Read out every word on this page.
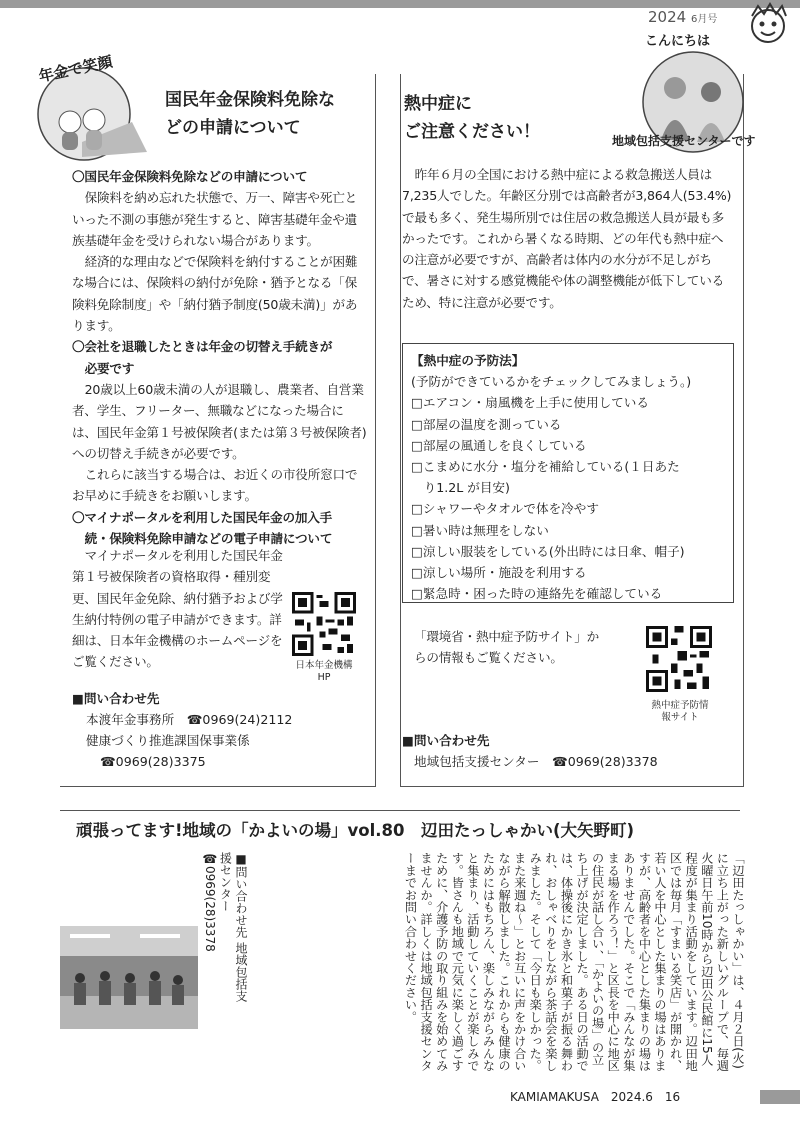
2024 6月号
年金で笑顔
国民年金保険料免除な
どの申請について
〇国民年金保険料免除などの申請について

保険料を納め忘れた状態で、万一、障害や死亡といった不測の事態が発生すると、障害基礎年金や遺族基礎年金を受けられない場合があります。

経済的な理由などで保険料を納付することが困難な場合には、保険料の納付が免除・猶予となる「保険料免除制度」や「納付猶予制度(50歳未満)」があります。

〇会社を退職したときは年金の切替え手続きが
必要です

20歳以上60歳未満の人が退職し、農業者、自営業者、学生、フリーター、無職などになった場合には、国民年金第１号被保険者(または第３号被保険者)への切替え手続きが必要です。

これらに該当する場合は、お近くの市役所窓口でお早めに手続きをお願いします。

〇マイナポータルを利用した国民年金の加入手
続・保険料免除申請などの電子申請について

マイナポータルを利用した国民年金第１号被保険者の資格取得・種別変更、国民年金免除、納付猶予および学生納付特例の電子申請ができます。詳細は、日本年金機構のホームページをご覧ください。	日本年金機構
HP
■問い合わせ先
本渡年金事務所　☎0969(24)2112
健康づくり推進課国保事業係
☎0969(28)3375
こんにちは
地域包括支援センターです
熱中症に
ご注意ください！

昨年６月の全国における熱中症による救急搬送人員は7,235人でした。年齢区分別では高齢者が3,864人(53.4%)で最も多く、発生場所別では住居の救急搬送人員が最も多かったです。これから暑くなる時期、どの年代も熱中症への注意が必要ですが、高齢者は体内の水分が不足しがちで、暑さに対する感覚機能や体の調整機能が低下しているため、特に注意が必要です。

【熱中症の予防法】
(予防ができているかをチェックしてみましょう。)
□エアコン・扇風機を上手に使用している
□部屋の温度を測っている
□部屋の風通しを良くしている
□こまめに水分・塩分を補給している(１日あた
　り1.2L が目安)
□シャワーやタオルで体を冷やす
□暑い時は無理をしない
□涼しい服装をしている(外出時には日傘、帽子)
□涼しい場所・施設を利用する
□緊急時・困った時の連絡先を確認している
「環境省・熱中症予防サイト」か
らの情報もご覧ください。
熱中症予防情
報サイト
■問い合わせ先
地域包括支援センター　☎0969(28)3378
頑張ってます!地域の「かよいの場」vol.80　辺田たっしゃかい(大矢野町)
「辺田たっしゃかい」は、４月２日(火)に立ち上がった新しいグループで、毎週火曜日午前10時から辺田公民館に15人程度が集まり活動をしています。辺田地区では毎月「すまいる笑店」が開かれ、若い人を中心とした集まりの場はありますが、高齢者を中心とした集まりの場はありませんでした。そこで「みんなが集まる場を作ろう！」と区長を中心に地区の住民が話し合い、「かよいの場」の立ち上げが決定しました。ある日の活動では、体操後にかき氷と和菓子が振る舞われ、おしゃべりをしながら茶話会を楽しみました。そして「今日も楽しかった。また来週ね〜」とお互いに声をかけ合いながら解散しました。これからも健康のためにはもちろん、楽しみながらみんなと集まり、活動していくことが楽しみです。皆さんも地域で元気に楽しく過ごすために、介護予防の取り組みを始めてみませんか。詳しくは地域包括支援センターまでお問い合わせください。
■問い合わせ先 地域包括支援センター ☎0969(28)3378
KAMIAMAKUSA　2024.6　16
